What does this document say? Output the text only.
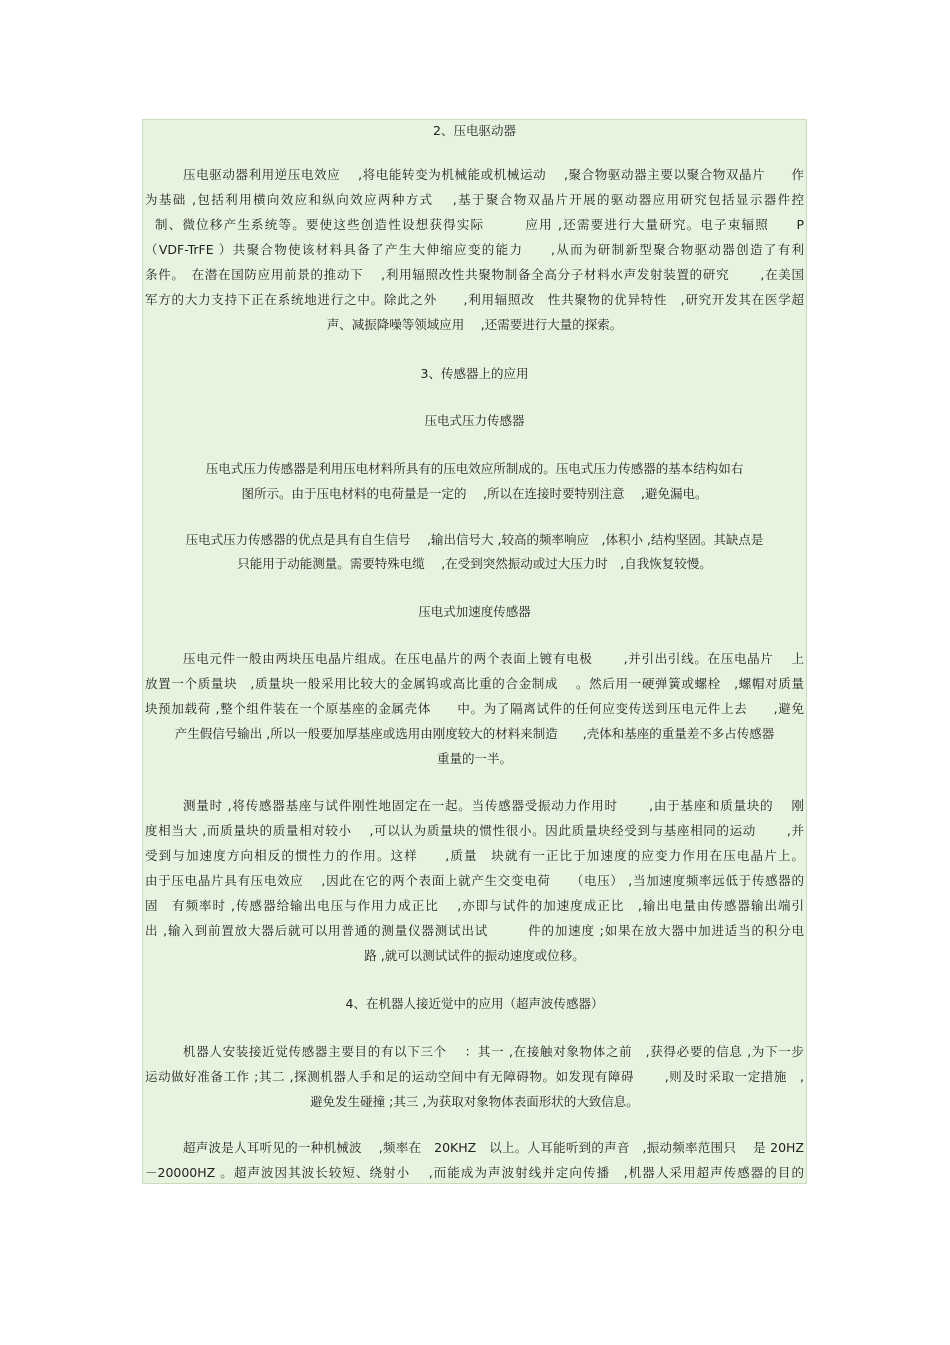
2、压电驱动器
压电驱动器利用逆压电效应　 ,将电能转变为机械能或机械运动　 ,聚合物驱动器主要以聚合物双晶片　　作
为基础 ,包括利用横向效应和纵向效应两种方式　 ,基于聚合物双晶片开展的驱动器应用研究包括显示器件控
制、微位移产生系统等。要使这些创造性设想获得实际　　　应用 ,还需要进行大量研究。电子束辐照　　P
（VDF-TrFE ）共聚合物使该材料具备了产生大伸缩应变的能力　　,从而为研制新型聚合物驱动器创造了有利
条件。　在潜在国防应用前景的推动下　 ,利用辐照改性共聚物制备全高分子材料水声发射装置的研究　　 ,在美国
军方的大力支持下正在系统地进行之中。除此之外　　,利用辐照改　性共聚物的优异特性　,研究开发其在医学超
声、减振降噪等领域应用　 ,还需要进行大量的探索。
3、传感器上的应用
压电式压力传感器
压电式压力传感器是利用压电材料所具有的压电效应所制成的。压电式压力传感器的基本结构如右
图所示。由于压电材料的电荷量是一定的　 ,所以在连接时要特别注意　 ,避免漏电。
压电式压力传感器的优点是具有自生信号　 ,输出信号大 ,较高的频率响应　,体积小 ,结构坚固。其缺点是
只能用于动能测量。需要特殊电缆　 ,在受到突然振动或过大压力时　,自我恢复较慢。
压电式加速度传感器
压电元件一般由两块压电晶片组成。在压电晶片的两个表面上镀有电极　　 ,并引出引线。在压电晶片　 上
放置一个质量块　,质量块一般采用比较大的金属钨或高比重的合金制成　 。然后用一硬弹簧或螺栓　,螺帽对质量
块预加载荷 ,整个组件装在一个原基座的金属壳体　　中。为了隔离试件的任何应变传送到压电元件上去　　,避免
产生假信号输出 ,所以一般要加厚基座或选用由刚度较大的材料来制造　　,壳体和基座的重量差不多占传感器
重量的一半。
测量时 ,将传感器基座与试件刚性地固定在一起。当传感器受振动力作用时　　 ,由于基座和质量块的　 刚
度相当大 ,而质量块的质量相对较小　 ,可以认为质量块的惯性很小。因此质量块经受到与基座相同的运动　　 ,并
受到与加速度方向相反的惯性力的作用。这样　　,质量　块就有一正比于加速度的应变力作用在压电晶片上。
由于压电晶片具有压电效应　 ,因此在它的两个表面上就产生交变电荷　　（电压） ,当加速度频率远低于传感器的
固　有频率时 ,传感器给输出电压与作用力成正比　 ,亦即与试件的加速度成正比　,输出电量由传感器输出端引
出 ,输入到前置放大器后就可以用普通的测量仪器测试出试　　　件的加速度 ;如果在放大器中加进适当的积分电
路 ,就可以测试试件的振动速度或位移。
4、在机器人接近觉中的应用（超声波传感器）
机器人安装接近觉传感器主要目的有以下三个　 ：其一 ,在接触对象物体之前　,获得必要的信息 ,为下一步
运动做好准备工作 ;其二 ,探测机器人手和足的运动空间中有无障碍物。如发现有障碍　　 ,则及时采取一定措施　,
避免发生碰撞 ;其三 ,为获取对象物体表面形状的大致信息。
超声波是人耳听见的一种机械波　 ,频率在　20KHZ　以上。人耳能听到的声音　,振动频率范围只　 是 20HZ
－20000HZ 。超声波因其波长较短、绕射小　 ,而能成为声波射线并定向传播　,机器人采用超声传感器的目的
